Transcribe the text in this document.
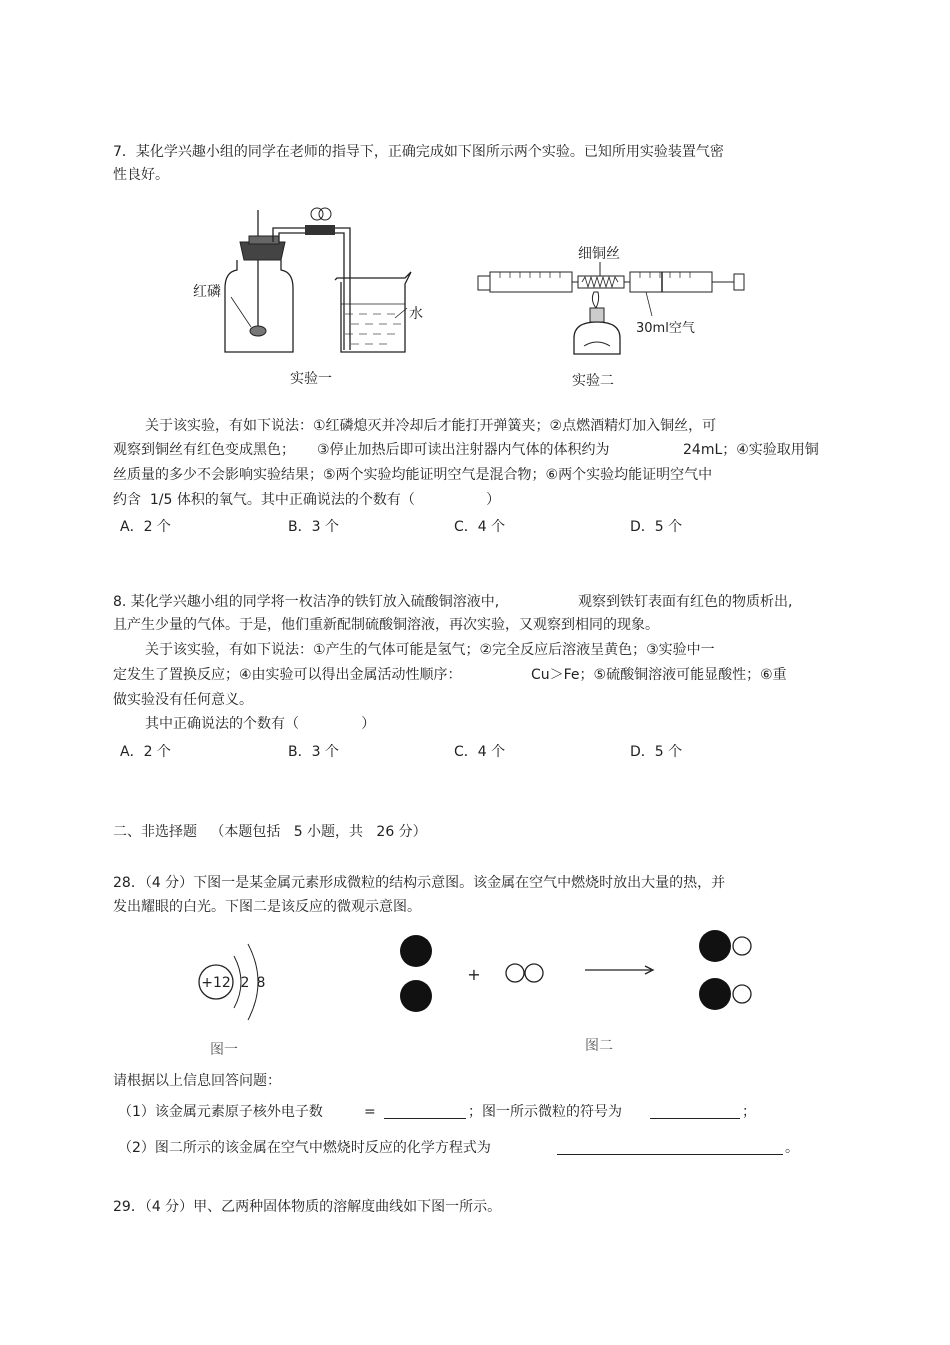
7．某化学兴趣小组的同学在老师的指导下，正确完成如下图所示两个实验。已知所用实验装置气密
性良好。
红磷
水
实验一
细铜丝
30ml空气
实验二
关于该实验，有如下说法：①红磷熄灭并冷却后才能打开弹簧夹；②点燃酒精灯加入铜丝，可
观察到铜丝有红色变成黑色； ③停止加热后即可读出注射器内气体的体积约为	24mL；④实验取用铜
丝质量的多少不会影响实验结果；⑤两个实验均能证明空气是混合物；⑥两个实验均能证明空气中
约含  1/5 体积的氧气。其中正确说法的个数有（                ）
A．2 个	B．3 个	C．4 个	D．5 个
8. 某化学兴趣小组的同学将一枚洁净的铁钉放入硫酸铜溶液中,	观察到铁钉表面有红色的物质析出,
且产生少量的气体。于是，他们重新配制硫酸铜溶液，再次实验，又观察到相同的现象。
关于该实验，有如下说法：①产生的气体可能是氢气；②完全反应后溶液呈黄色；③实验中一
定发生了置换反应；④由实验可以得出金属活动性顺序：	Cu＞Fe；⑤硫酸铜溶液可能显酸性；⑥重
做实验没有任何意义。
其中正确说法的个数有（              ）
A．2 个	B．3 个	C．4 个	D．5 个
二、非选择题   （本题包括   5 小题，共   26 分）
28．（4 分）下图一是某金属元素形成微粒的结构示意图。该金属在空气中燃烧时放出大量的热，并
发出耀眼的白光。下图二是该反应的微观示意图。
+12 2 8
图一
+
图二
请根据以上信息回答问题：
（1）该金属元素原子核外电子数	=	；图一所示微粒的符号为	；
（2）图二所示的该金属在空气中燃烧时反应的化学方程式为	。
29．（4 分）甲、乙两种固体物质的溶解度曲线如下图一所示。
